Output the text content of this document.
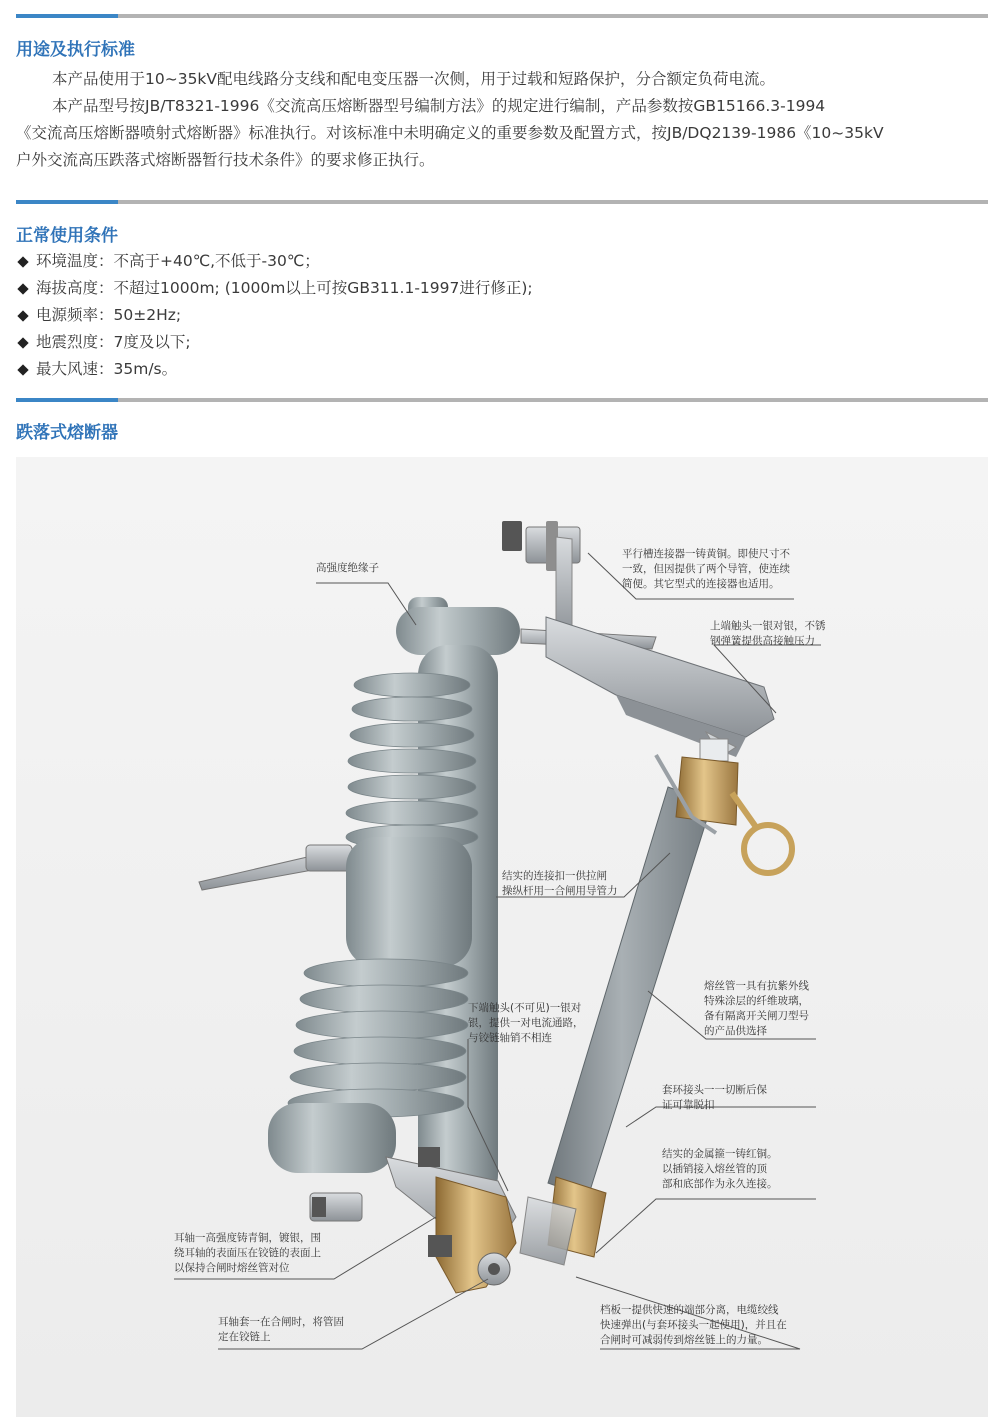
用途及执行标准

本产品使用于10~35kV配电线路分支线和配电变压器一次侧，用于过载和短路保护，分合额定负荷电流。

本产品型号按JB/T8321-1996《交流高压熔断器型号编制方法》的规定进行编制，产品参数按GB15166.3-1994

《交流高压熔断器喷射式熔断器》标准执行。对该标准中未明确定义的重要参数及配置方式，按JB/DQ2139-1986《10~35kV

户外交流高压跌落式熔断器暂行技术条件》的要求修正执行。

正常使用条件
环境温度： 不高于+40℃,不低于-30℃；
海拔高度： 不超过1000m; (1000m以上可按GB311.1-1997进行修正);
电源频率： 50±2Hz;
地震烈度： 7度及以下;
最大风速： 35m/s。
跌落式熔断器

高强度绝缘子

平行槽连接器一铸黄铜。即使尺寸不

一致，但因提供了两个导管，使连续

简便。其它型式的连接器也适用。

上端触头一银对银，不锈

钢弹簧提供高接触压力

结实的连接扣一供拉闸

操纵杆用一合闸用导管力

熔丝管一具有抗紫外线

特殊涂层的纤维玻璃，

备有隔离开关闸刀型号

的产品供选择

下端触头(不可见)一银对

银，提供一对电流通路，

与铰链轴销不相连

套环接头一一切断后保

证可靠脱扣

结实的金属箍一铸红铜。

以插销接入熔丝管的顶

部和底部作为永久连接。

耳轴一高强度铸青铜，镀银，围

绕耳轴的表面压在铰链的表面上

以保持合闸时熔丝管对位

耳轴套一在合闸时，将管固

定在铰链上

档板一提供快速的端部分离，电缆绞线

快速弹出(与套环接头一起使用)，并且在

合闸时可减弱传到熔丝链上的力量。
